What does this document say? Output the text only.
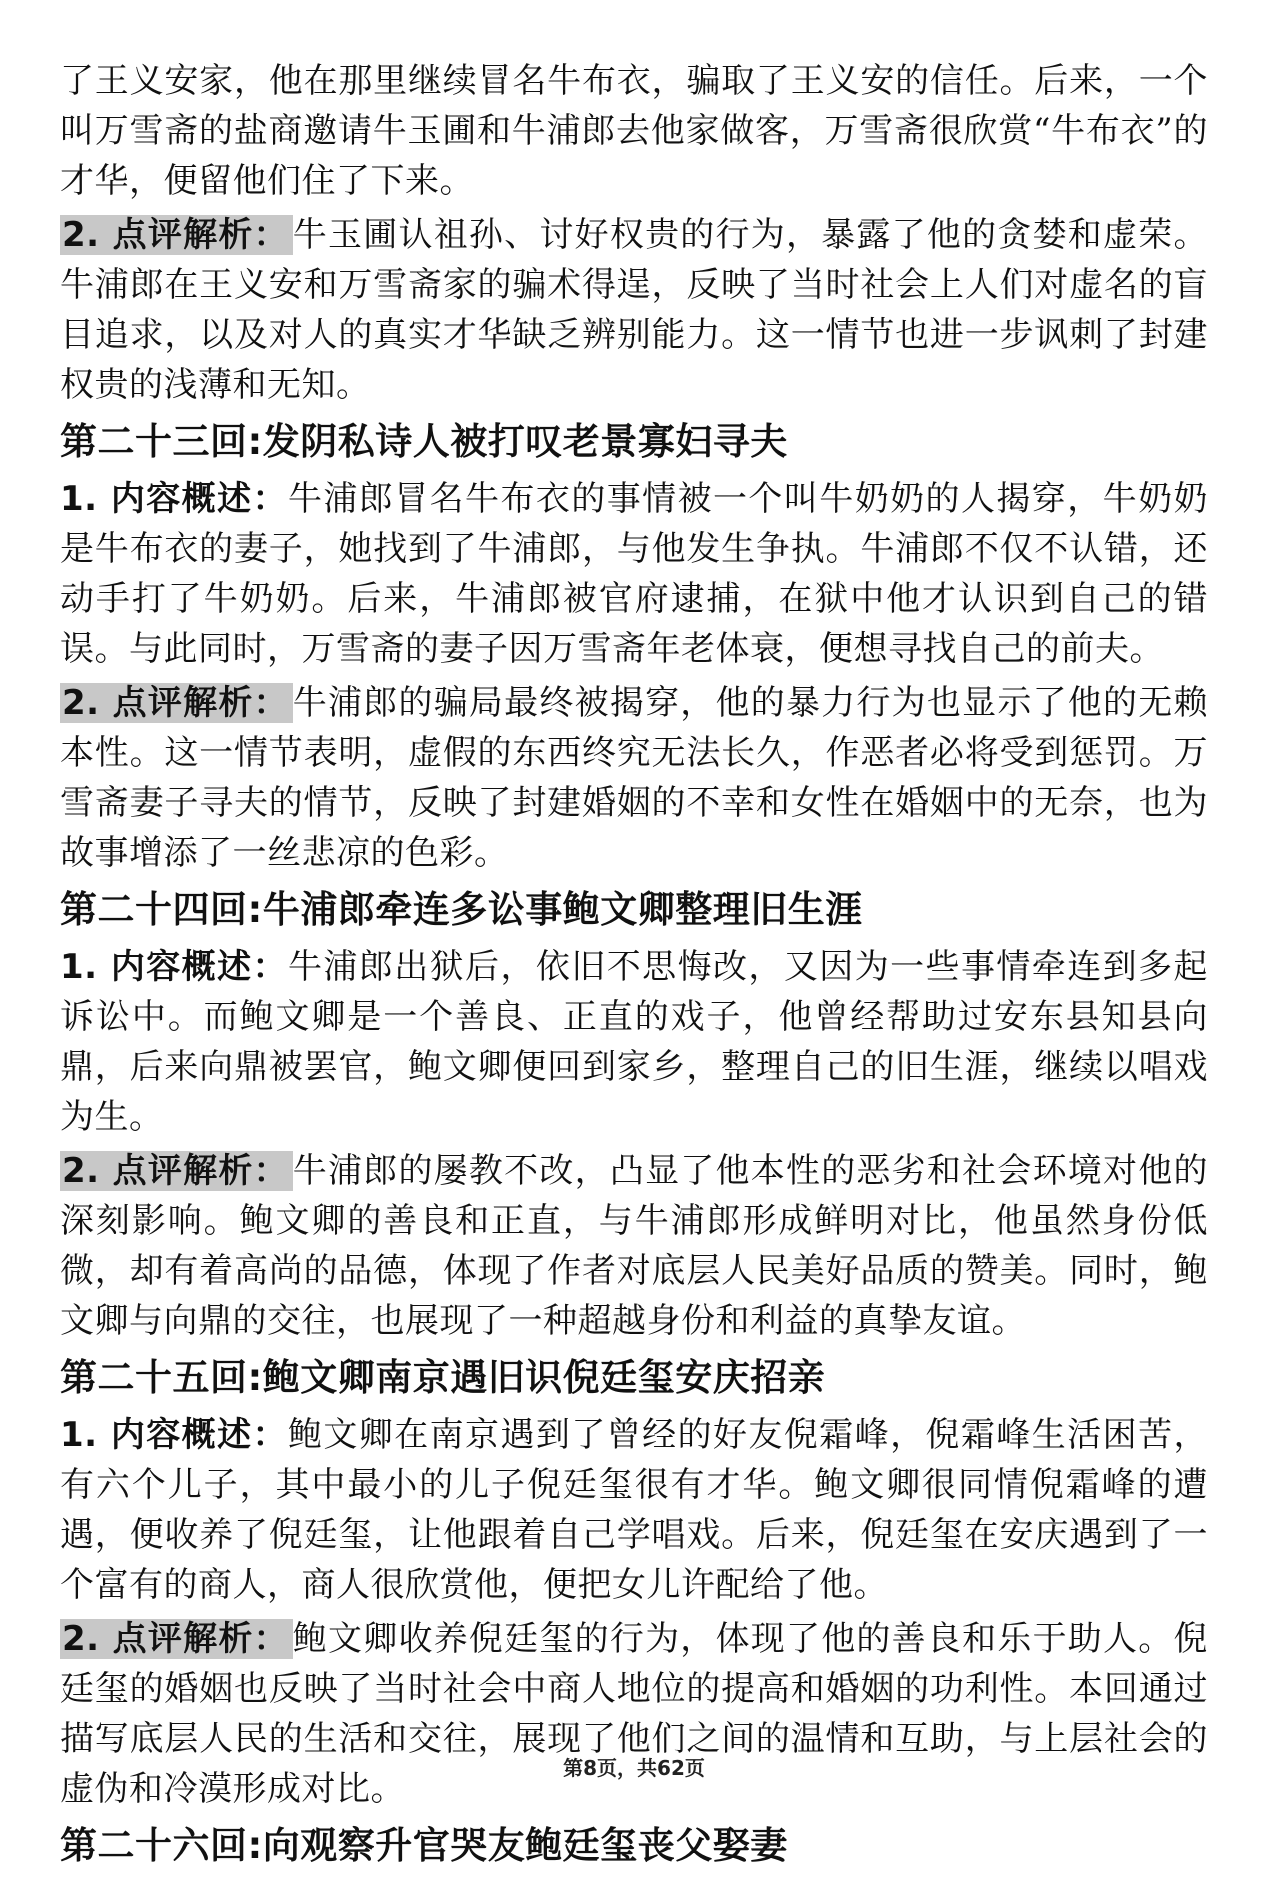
了王义安家，他在那里继续冒名牛布衣，骗取了王义安的信任。后来，一个叫万雪斋的盐商邀请牛玉圃和牛浦郎去他家做客，万雪斋很欣赏“牛布衣”的才华，便留他们住了下来。

2. 点评解析： 牛玉圃认祖孙、讨好权贵的行为，暴露了他的贪婪和虚荣。牛浦郎在王义安和万雪斋家的骗术得逞，反映了当时社会上人们对虚名的盲目追求，以及对人的真实才华缺乏辨别能力。这一情节也进一步讽刺了封建权贵的浅薄和无知。

第二十三回:发阴私诗人被打叹老景寡妇寻夫

1. 内容概述：牛浦郎冒名牛布衣的事情被一个叫牛奶奶的人揭穿，牛奶奶是牛布衣的妻子，她找到了牛浦郎，与他发生争执。牛浦郎不仅不认错，还动手打了牛奶奶。后来，牛浦郎被官府逮捕，在狱中他才认识到自己的错误。与此同时，万雪斋的妻子因万雪斋年老体衰，便想寻找自己的前夫。

2. 点评解析： 牛浦郎的骗局最终被揭穿，他的暴力行为也显示了他的无赖本性。这一情节表明，虚假的东西终究无法长久，作恶者必将受到惩罚。万雪斋妻子寻夫的情节，反映了封建婚姻的不幸和女性在婚姻中的无奈，也为故事增添了一丝悲凉的色彩。

第二十四回:牛浦郎牵连多讼事鲍文卿整理旧生涯

1. 内容概述：牛浦郎出狱后，依旧不思悔改，又因为一些事情牵连到多起诉讼中。而鲍文卿是一个善良、正直的戏子，他曾经帮助过安东县知县向鼎，后来向鼎被罢官，鲍文卿便回到家乡，整理自己的旧生涯，继续以唱戏为生。

2. 点评解析： 牛浦郎的屡教不改，凸显了他本性的恶劣和社会环境对他的深刻影响。鲍文卿的善良和正直，与牛浦郎形成鲜明对比，他虽然身份低微，却有着高尚的品德，体现了作者对底层人民美好品质的赞美。同时，鲍文卿与向鼎的交往，也展现了一种超越身份和利益的真挚友谊。

第二十五回:鲍文卿南京遇旧识倪廷玺安庆招亲

1. 内容概述：鲍文卿在南京遇到了曾经的好友倪霜峰，倪霜峰生活困苦，有六个儿子，其中最小的儿子倪廷玺很有才华。鲍文卿很同情倪霜峰的遭遇，便收养了倪廷玺，让他跟着自己学唱戏。后来，倪廷玺在安庆遇到了一个富有的商人，商人很欣赏他，便把女儿许配给了他。

2. 点评解析： 鲍文卿收养倪廷玺的行为，体现了他的善良和乐于助人。倪廷玺的婚姻也反映了当时社会中商人地位的提高和婚姻的功利性。本回通过描写底层人民的生活和交往，展现了他们之间的温情和互助，与上层社会的虚伪和冷漠形成对比。

第二十六回:向观察升官哭友鲍廷玺丧父娶妻
第8页，共62页
